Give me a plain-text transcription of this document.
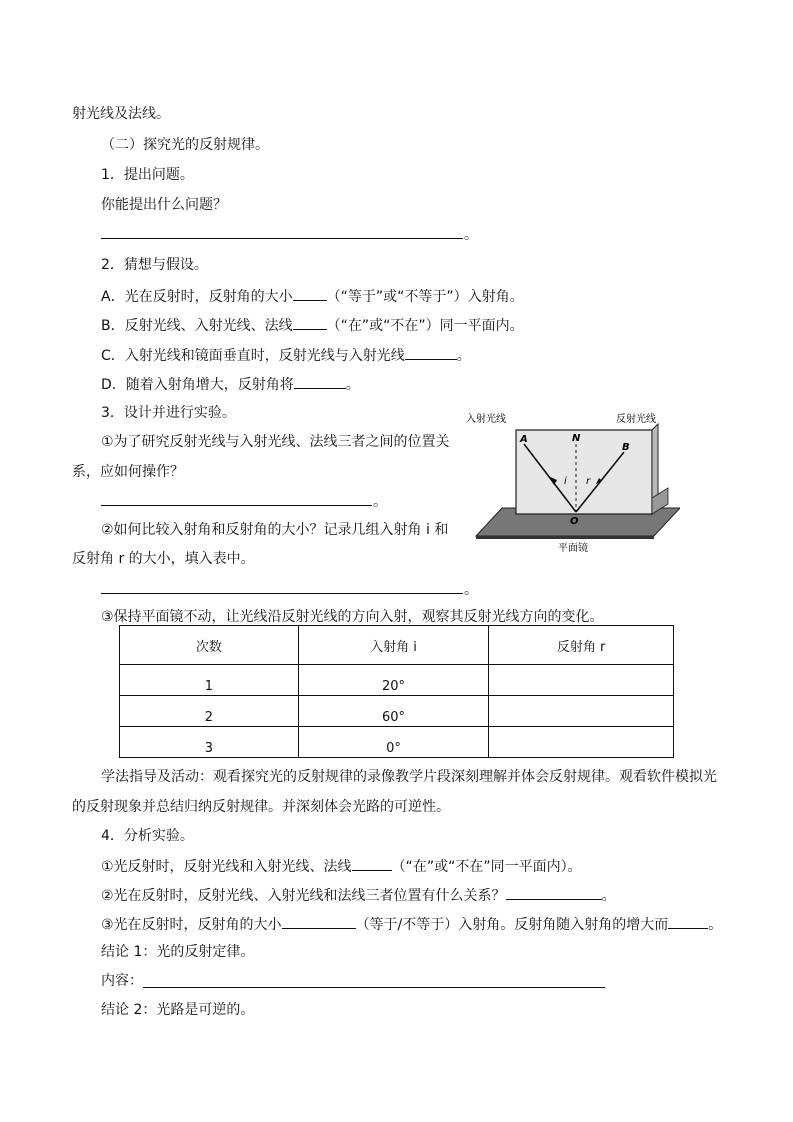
射光线及法线。
（二）探究光的反射规律。
1．提出问题。
你能提出什么问题？
。
2．猜想与假设。
A．光在反射时，反射角的大小 （“等于”或“不等于”）入射角。
B．反射光线、入射光线、法线 （“在”或“不在”）同一平面内。
C．入射光线和镜面垂直时，反射光线与入射光线	。
D．随着入射角增大，反射角将	。
3．设计并进行实验。
①为了研究反射光线与入射光线、法线三者之间的位置关
系，应如何操作？
。
②如何比较入射角和反射角的大小？记录几组入射角 i 和
反射角 r 的大小，填入表中。
。
入射光线	反射光线
A	N
B
O
i r
平面镜
③保持平面镜不动，让光线沿反射光线的方向入射，观察其反射光线方向的变化。
次数	入射角 i	反射角 r
1	20°	
2	60°	
3	0°	
学法指导及活动：观看探究光的反射规律的录像教学片段深刻理解并体会反射规律。观看软件模拟光
的反射现象并总结归纳反射规律。并深刻体会光路的可逆性。
4．分析实验。
①光反射时，反射光线和入射光线、法线	（“在”或“不在”同一平面内）。
②光在反射时，反射光线、入射光线和法线三者位置有什么关系？	。
③光在反射时，反射角的大小	（等于/不等于）入射角。反射角随入射角的增大而	。
结论 1：光的反射定律。
内容：
结论 2：光路是可逆的。
